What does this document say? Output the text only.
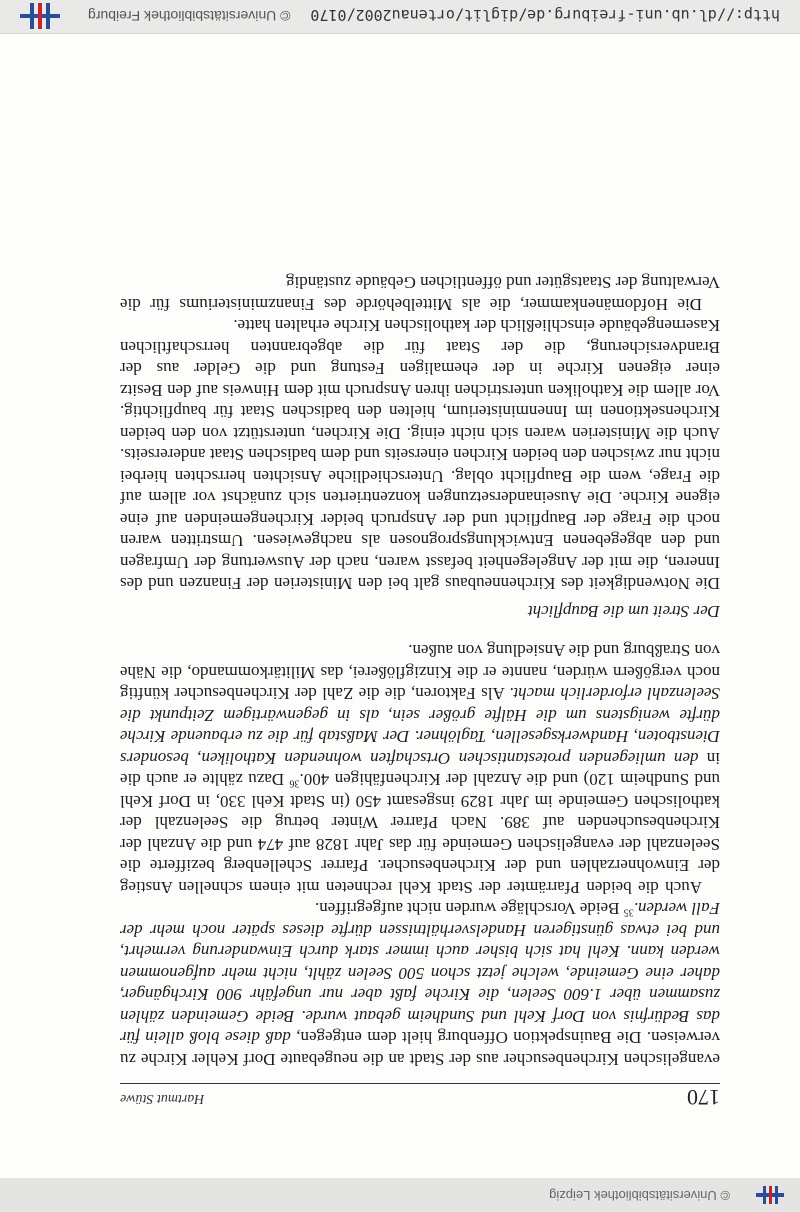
© Universitätsbibliothek Leipzig
170
Hartmut Stüwe

evangelischen Kirchenbesucher aus der Stadt an die neugebaute Dorf Kehler Kirche zu verweisen. Die Bauinspektion Offenburg hielt dem entgegen, daß diese bloß allein für das Bedürfnis von Dorf Kehl und Sundheim gebaut wurde. Beide Gemeinden zählen zusammen über 1.600 Seelen, die Kirche faßt aber nur ungefähr 900 Kirchgänger, daher eine Gemeinde, welche jetzt schon 500 Seelen zählt, nicht mehr aufgenommen werden kann. Kehl hat sich bisher auch immer stark durch Einwanderung vermehrt, und bei etwas günstigeren Handelsverhältnissen dürfte dieses später noch mehr der Fall werden.$^{35}$ Beide Vorschläge wurden nicht aufgegriffen.

Auch die beiden Pfarrämter der Stadt Kehl rechneten mit einem schnellen Anstieg der Einwohnerzahlen und der Kirchenbesucher. Pfarrer Schellenberg bezifferte die Seelenzahl der evangelischen Gemeinde für das Jahr 1828 auf 474 und die Anzahl der Kirchenbesuchenden auf 389. Nach Pfarrer Winter betrug die Seelenzahl der katholischen Gemeinde im Jahr 1829 insgesamt 450 (in Stadt Kehl 330, in Dorf Kehl und Sundheim 120) und die Anzahl der Kirchenfähigen 400.36 Dazu zählte er auch die in den umliegenden protestantischen Ortschaften wohnenden Katholiken, besonders Dienstboten, Handwerksgesellen, Taglöhner. Der Maßstab für die zu erbauende Kirche dürfte wenigstens um die Hälfte größer sein, als in gegenwärtigem Zeitpunkt die Seelenzahl erforderlich macht. Als Faktoren, die die Zahl der Kirchenbesucher künftig noch vergößern würden, nannte er die Kinzigflößerei, das Militärkommando, die Nähe von Straßburg und die Ansiedlung von außen.

Der Streit um die Baupflicht

Die Notwendigkeit des Kirchenneubaus galt bei den Ministerien der Finanzen und des Inneren, die mit der Angelegenheit befasst waren, nach der Auswertung der Umfragen und den abgegebenen Entwicklungsprognosen als nachgewiesen. Umstritten waren noch die Frage der Baupflicht und der Anspruch beider Kirchengemeinden auf eine eigene Kirche. Die Auseinandersetzungen konzentrierten sich zunächst vor allem auf die Frage, wem die Baupflicht oblag. Unterschiedliche Ansichten herrschten hierbei nicht nur zwischen den beiden Kirchen einerseits und dem badischen Staat andererseits. Auch die Ministerien waren sich nicht einig. Die Kirchen, unterstützt von den beiden Kirchensektionen im Innenministerium, hielten den badischen Staat für baupflichtig. Vor allem die Katholiken unterstrichen ihren Anspruch mit dem Hinweis auf den Besitz einer eigenen Kirche in der ehemaligen Festung und die Gelder aus der Brandversicherung, die der Staat für die abgebrannten herrschaftlichen Kasernengebäude einschließlich der katholischen Kirche erhalten hatte.

Die Hofdomänenkammer, die als Mittelbehörde des Finanzministeriums für die Verwaltung der Staatsgüter und öffentlichen Gebäude zuständig

http://dl.ub.uni-freiburg.de/diglit/ortenau2002/0170
© Universitätsbibliothek Freiburg
